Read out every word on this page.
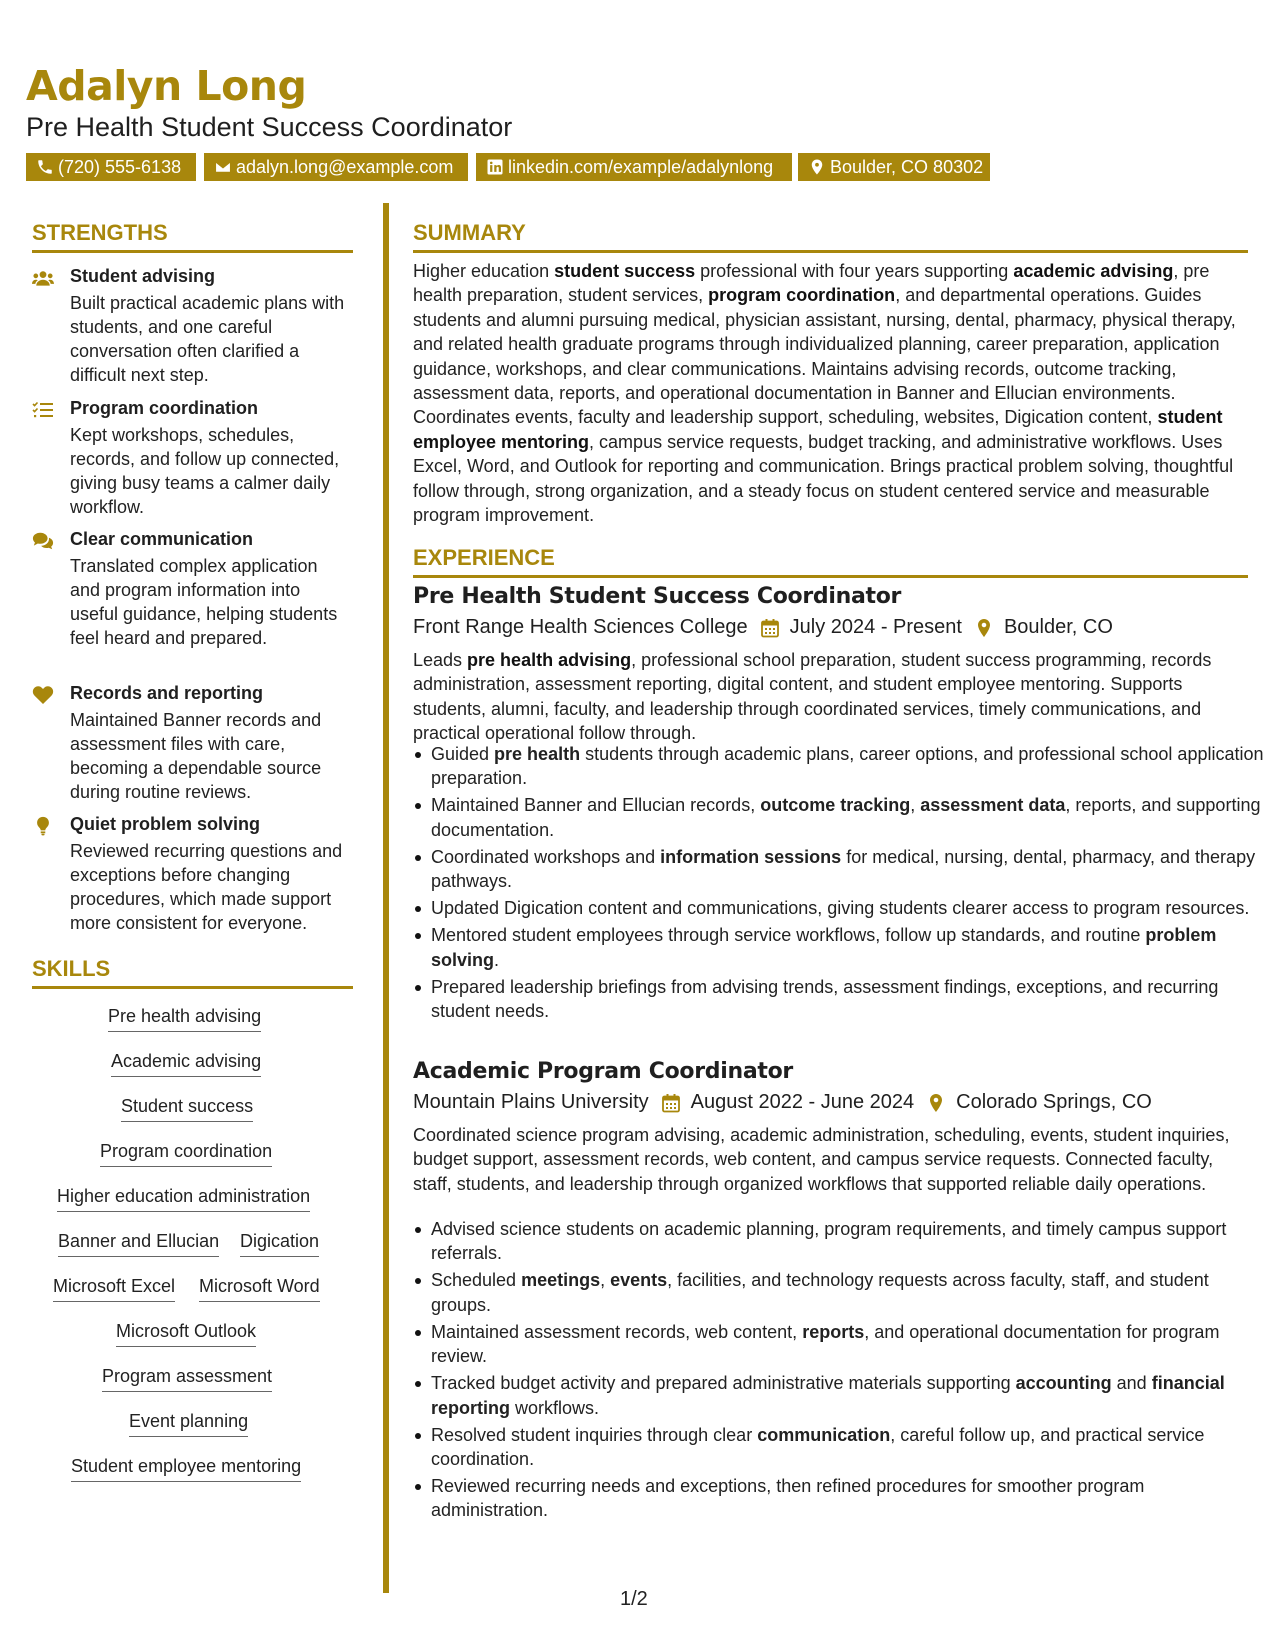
Adalyn Long
Pre Health Student Success Coordinator
(720) 555-6138	adalyn.long@example.com	linkedin.com/example/adalynlong	Boulder, CO 80302
STRENGTHS
Student advising
Built practical academic plans with students, and one careful conversation often clarified a difficult next step.
Program coordination
Kept workshops, schedules, records, and follow up connected, giving busy teams a calmer daily workflow.
Clear communication
Translated complex application and program information into useful guidance, helping students feel heard and prepared.
Records and reporting
Maintained Banner records and assessment files with care, becoming a dependable source during routine reviews.
Quiet problem solving
Reviewed recurring questions and exceptions before changing procedures, which made support more consistent for everyone.
SKILLS
Pre health advising
Academic advising
Student success
Program coordination
Higher education administration
Banner and Ellucian Digication
Microsoft Excel Microsoft Word
Microsoft Outlook
Program assessment
Event planning
Student employee mentoring
SUMMARY
Higher education student success professional with four years supporting academic advising, pre health preparation, student services, program coordination, and departmental operations. Guides students and alumni pursuing medical, physician assistant, nursing, dental, pharmacy, physical therapy, and related health graduate programs through individualized planning, career preparation, application guidance, workshops, and clear communications. Maintains advising records, outcome tracking, assessment data, reports, and operational documentation in Banner and Ellucian environments. Coordinates events, faculty and leadership support, scheduling, websites, Digication content, student employee mentoring, campus service requests, budget tracking, and administrative workflows. Uses Excel, Word, and Outlook for reporting and communication. Brings practical problem solving, thoughtful follow through, strong organization, and a steady focus on student centered service and measurable program improvement.
EXPERIENCE
Pre Health Student Success Coordinator
Front Range Health Sciences College July 2024 - Present Boulder, CO
Leads pre health advising, professional school preparation, student success programming, records administration, assessment reporting, digital content, and student employee mentoring. Supports students, alumni, faculty, and leadership through coordinated services, timely communications, and practical operational follow through.
Guided pre health students through academic plans, career options, and professional school application preparation.
Maintained Banner and Ellucian records, outcome tracking, assessment data, reports, and supporting documentation.
Coordinated workshops and information sessions for medical, nursing, dental, pharmacy, and therapy pathways.
Updated Digication content and communications, giving students clearer access to program resources.
Mentored student employees through service workflows, follow up standards, and routine problem solving.
Prepared leadership briefings from advising trends, assessment findings, exceptions, and recurring student needs.
Academic Program Coordinator
Mountain Plains University August 2022 - June 2024 Colorado Springs, CO
Coordinated science program advising, academic administration, scheduling, events, student inquiries, budget support, assessment records, web content, and campus service requests. Connected faculty, staff, students, and leadership through organized workflows that supported reliable daily operations.
Advised science students on academic planning, program requirements, and timely campus support referrals.
Scheduled meetings, events, facilities, and technology requests across faculty, staff, and student groups.
Maintained assessment records, web content, reports, and operational documentation for program review.
Tracked budget activity and prepared administrative materials supporting accounting and financial reporting workflows.
Resolved student inquiries through clear communication, careful follow up, and practical service coordination.
Reviewed recurring needs and exceptions, then refined procedures for smoother program administration.
1/2
